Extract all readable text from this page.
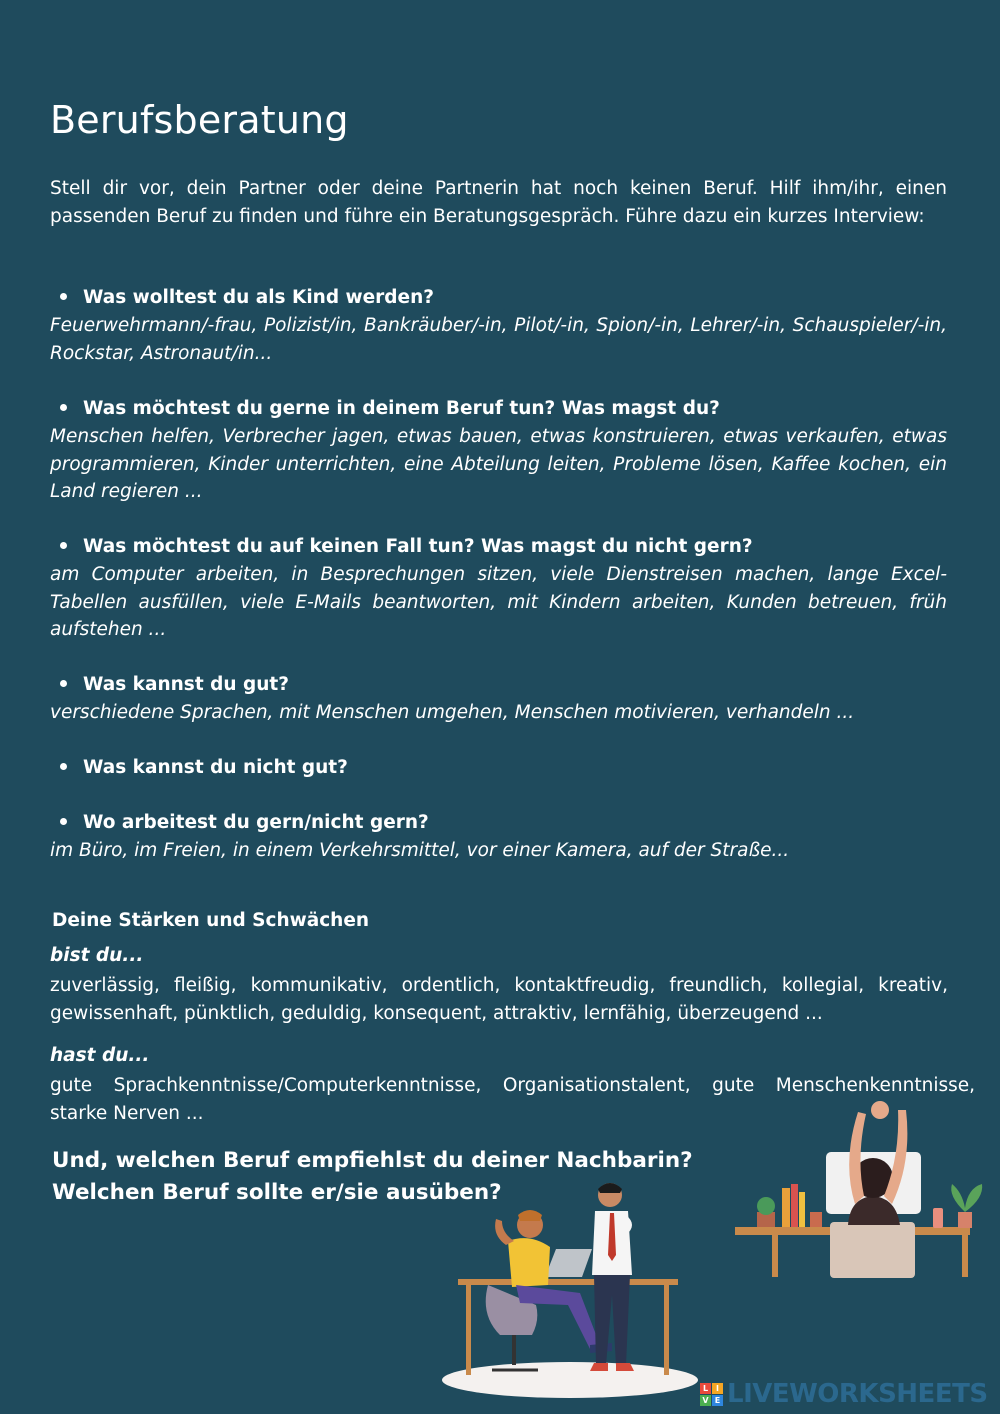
Berufsberatung

Stell dir vor, dein Partner oder deine Partnerin hat noch keinen Beruf. Hilf ihm/ihr, einen passenden Beruf zu finden und führe ein Beratungsgespräch. Führe dazu ein kurzes Interview:

Was wolltest du als Kind werden?

Feuerwehrmann/-frau, Polizist/in, Bankräuber/-in, Pilot/-in, Spion/-in, Lehrer/-in, Schauspieler/-in, Rockstar, Astronaut/in...

Was möchtest du gerne in deinem Beruf tun? Was magst du?

Menschen helfen, Verbrecher jagen, etwas bauen, etwas konstruieren, etwas verkaufen, etwas programmieren, Kinder unterrichten, eine Abteilung leiten, Probleme lösen, Kaffee kochen, ein Land regieren ...

Was möchtest du auf keinen Fall tun? Was magst du nicht gern?

am Computer arbeiten, in Besprechungen sitzen, viele Dienstreisen machen, lange Excel-Tabellen ausfüllen, viele E-Mails beantworten, mit Kindern arbeiten, Kunden betreuen, früh aufstehen ...

Was kannst du gut?

verschiedene Sprachen, mit Menschen umgehen, Menschen motivieren, verhandeln ...

Was kannst du nicht gut?

Wo arbeitest du gern/nicht gern?

im Büro, im Freien, in einem Verkehrsmittel, vor einer Kamera, auf der Straße...

Deine Stärken und Schwächen

bist du...

zuverlässig, fleißig, kommunikativ, ordentlich, kontaktfreudig, freundlich, kollegial, kreativ, gewissenhaft, pünktlich, geduldig, konsequent, attraktiv, lernfähig, überzeugend ...

hast du...

gute Sprachkenntnisse/Computerkenntnisse, Organisationstalent, gute Menschenkenntnisse, starke Nerven ...

Und, welchen Beruf empfiehlst du deiner Nachbarin?
Welchen Beruf sollte er/sie ausüben?
L I
V E LIVEWORKSHEETS
